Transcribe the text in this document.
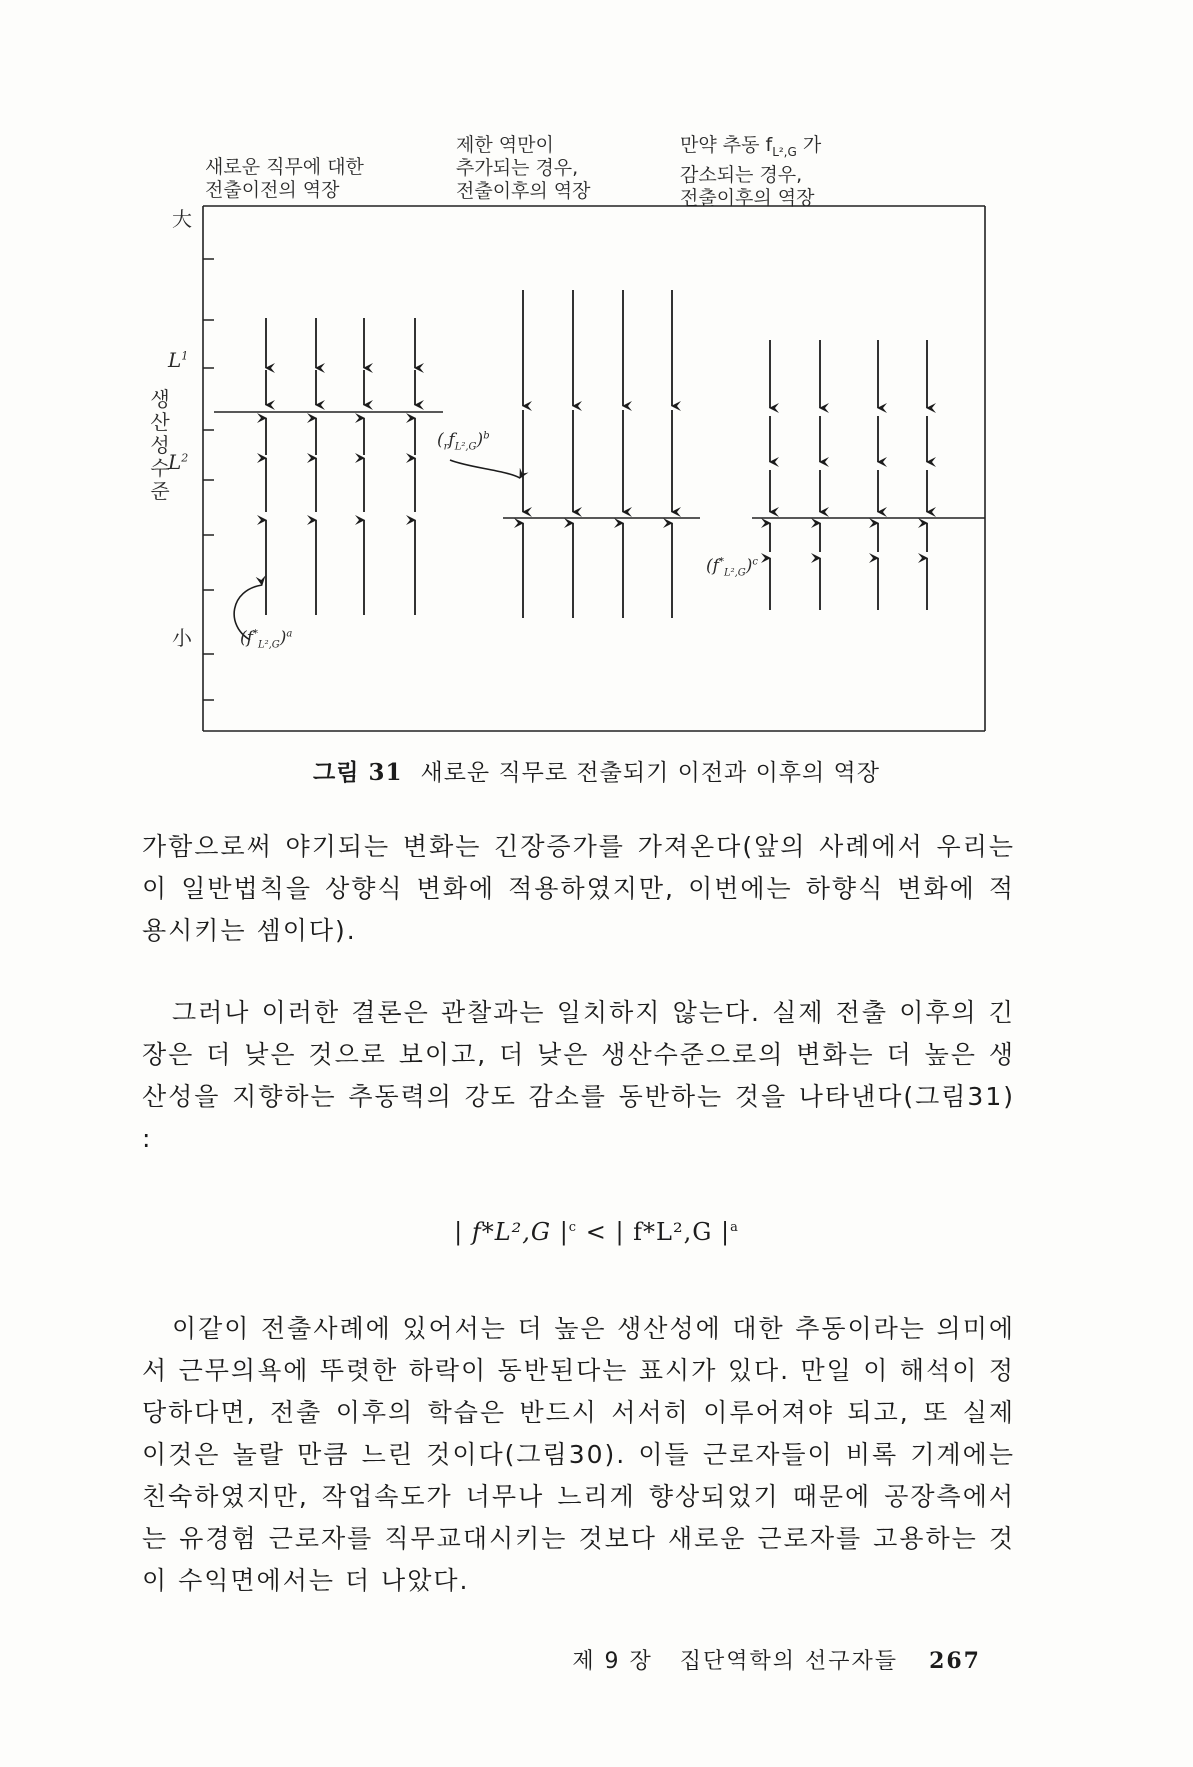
새로운 직무에 대한
전출이전의 역장
제한 역만이
추가되는 경우,
전출이후의 역장
만약 추동 $f_{L^2,G}$ 가
감소되는 경우,
전출이후의 역장
大
$L^1$
$L^2$
小
생산성 수준
$(f^*_{L^2,G})^a$
$(_rf_{L^2,G})^b$
$(f^*_{L^2,G})^c$
그림 31 새로운 직무로 전출되기 이전과 이후의 역장
가함으로써 야기되는 변화는 긴장증가를 가져온다(앞의 사례에서 우리는 이 일반법칙을 상향식 변화에 적용하였지만, 이번에는 하향식 변화에 적용시키는 셈이다).
그러나 이러한 결론은 관찰과는 일치하지 않는다. 실제 전출 이후의 긴장은 더 낮은 것으로 보이고, 더 낮은 생산수준으로의 변화는 더 높은 생산성을 지향하는 추동력의 강도 감소를 동반하는 것을 나타낸다(그림31) :
| f*L²,G $|^c$ < | f*L²,G $|^a$
이같이 전출사례에 있어서는 더 높은 생산성에 대한 추동이라는 의미에서 근무의욕에 뚜렷한 하락이 동반된다는 표시가 있다. 만일 이 해석이 정당하다면, 전출 이후의 학습은 반드시 서서히 이루어져야 되고, 또 실제 이것은 놀랄 만큼 느린 것이다(그림30). 이들 근로자들이 비록 기계에는 친숙하였지만, 작업속도가 너무나 느리게 향상되었기 때문에 공장측에서는 유경험 근로자를 직무교대시키는 것보다 새로운 근로자를 고용하는 것이 수익면에서는 더 나았다.
제 9 장 집단역학의 선구자들 267
